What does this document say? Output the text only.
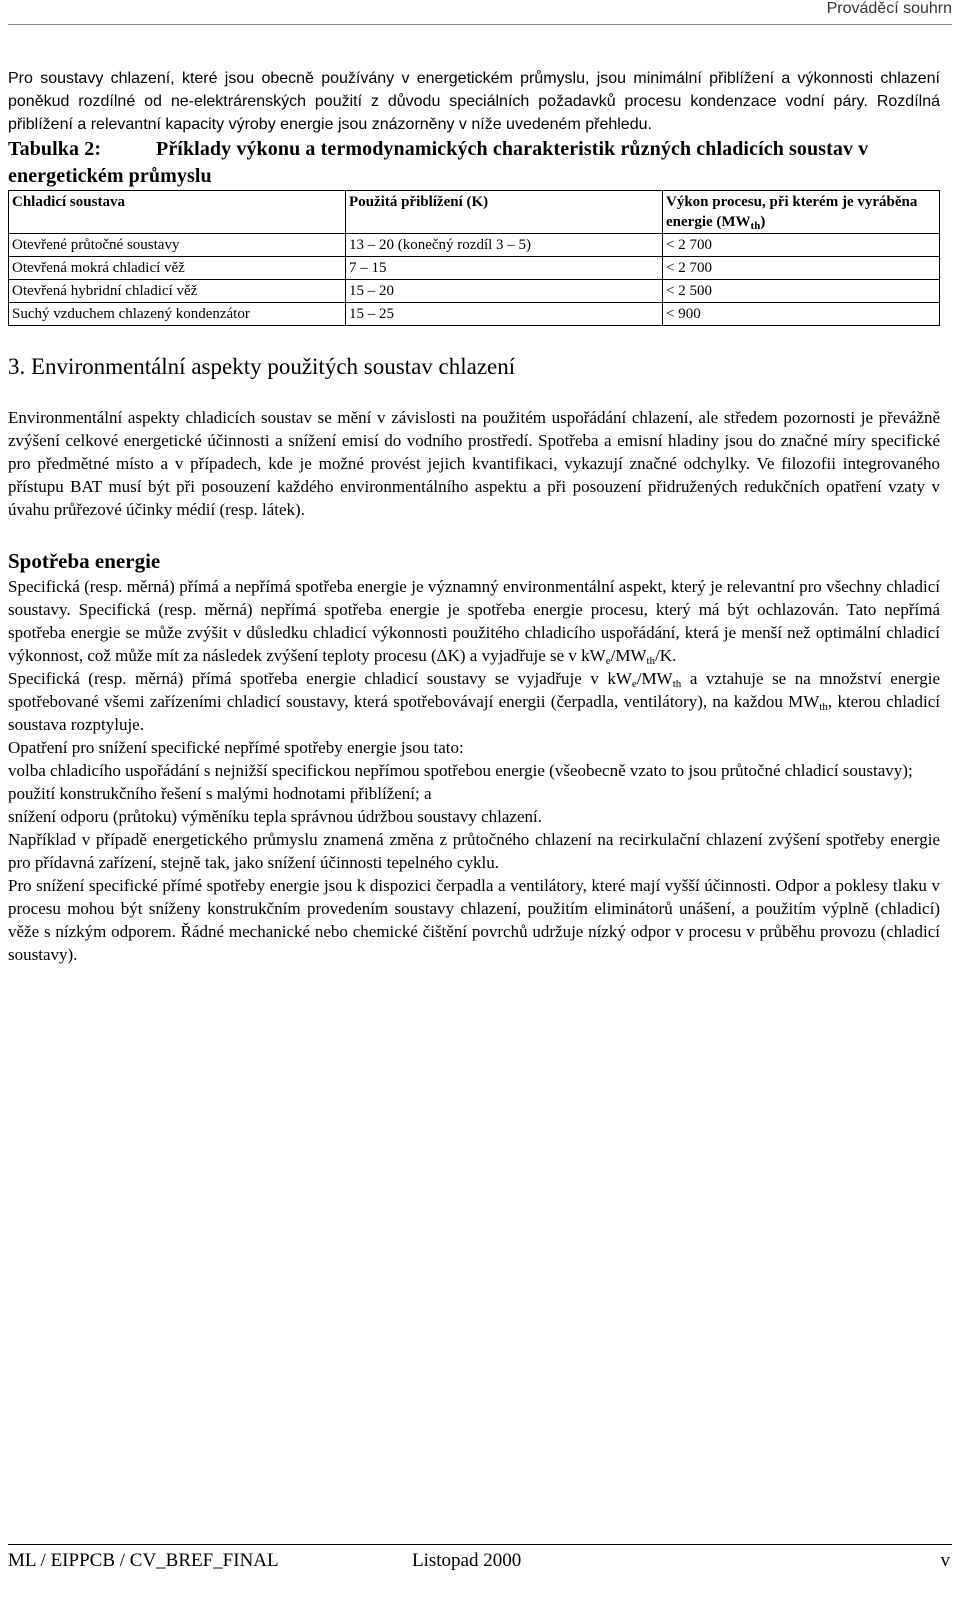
Prováděcí souhrn

Pro soustavy chlazení, které jsou obecně používány v energetickém průmyslu, jsou minimální přiblížení a výkonnosti chlazení poněkud rozdílné od ne-elektrárenských použití z důvodu speciálních požadavků procesu kondenzace vodní páry. Rozdílná přiblížení a relevantní kapacity výroby energie jsou znázorněny v níže uvedeném přehledu.

Tabulka 2:	Příklady výkonu a termodynamických charakteristik různých chladicích soustav v energetickém průmyslu
Chladicí soustava	Použitá přiblížení (K)	Výkon procesu, při kterém je vyráběna energie $(MW_{th})$
Otevřené průtočné soustavy	13 – 20 (konečný rozdíl 3 – 5)	< 2 700
Otevřená mokrá chladicí věž	7 – 15	< 2 700
Otevřená hybridní chladicí věž	15 – 20	< 2 500
Suchý vzduchem chlazený kondenzátor	15 – 25	< 900
3. Environmentální aspekty použitých soustav chlazení

Environmentální aspekty chladicích soustav se mění v závislosti na použitém uspořádání chlazení, ale středem pozornosti je převážně zvýšení celkové energetické účinnosti a snížení emisí do vodního prostředí. Spotřeba a emisní hladiny jsou do značné míry specifické pro předmětné místo a v případech, kde je možné provést jejich kvantifikaci, vykazují značné odchylky. Ve filozofii integrovaného přístupu BAT musí být při posouzení každého environmentálního aspektu a při posouzení přidružených redukčních opatření vzaty v úvahu průřezové účinky médií (resp. látek).

Spotřeba energie

Specifická (resp. měrná) přímá a nepřímá spotřeba energie je významný environmentální aspekt, který je relevantní pro všechny chladicí soustavy. Specifická (resp. měrná) nepřímá spotřeba energie je spotřeba energie procesu, který má být ochlazován. Tato nepřímá spotřeba energie se může zvýšit v důsledku chladicí výkonnosti použitého chladicího uspořádání, která je menší než optimální chladicí výkonnost, což může mít za následek zvýšení teploty procesu (ΔK) a vyjadřuje se v $kW_e/MW_{th}/K$.

Specifická (resp. měrná) přímá spotřeba energie chladicí soustavy se vyjadřuje v $kW_e/MW_{th}$ a vztahuje se na množství energie spotřebované všemi zařízeními chladicí soustavy, která spotřebovávají energii (čerpadla, ventilátory), na každou $MW_{th}$, kterou chladicí soustava rozptyluje.

Opatření pro snížení specifické nepřímé spotřeby energie jsou tato:

volba chladicího uspořádání s nejnižší specifickou nepřímou spotřebou energie (všeobecně vzato to jsou průtočné chladicí soustavy);

použití konstrukčního řešení s malými hodnotami přiblížení; a

snížení odporu (průtoku) výměníku tepla správnou údržbou soustavy chlazení.

Například v případě energetického průmyslu znamená změna z průtočného chlazení na recirkulační chlazení zvýšení spotřeby energie pro přídavná zařízení, stejně tak, jako snížení účinnosti tepelného cyklu.

Pro snížení specifické přímé spotřeby energie jsou k dispozici čerpadla a ventilátory, které mají vyšší účinnosti. Odpor a poklesy tlaku v procesu mohou být sníženy konstrukčním provedením soustavy chlazení, použitím eliminátorů unášení, a použitím výplně (chladicí) věže s nízkým odporem. Řádné mechanické nebo chemické čištění povrchů udržuje nízký odpor v procesu v průběhu provozu (chladicí soustavy).

ML / EIPPCB / CV_BREF_FINAL	Listopad 2000	v
